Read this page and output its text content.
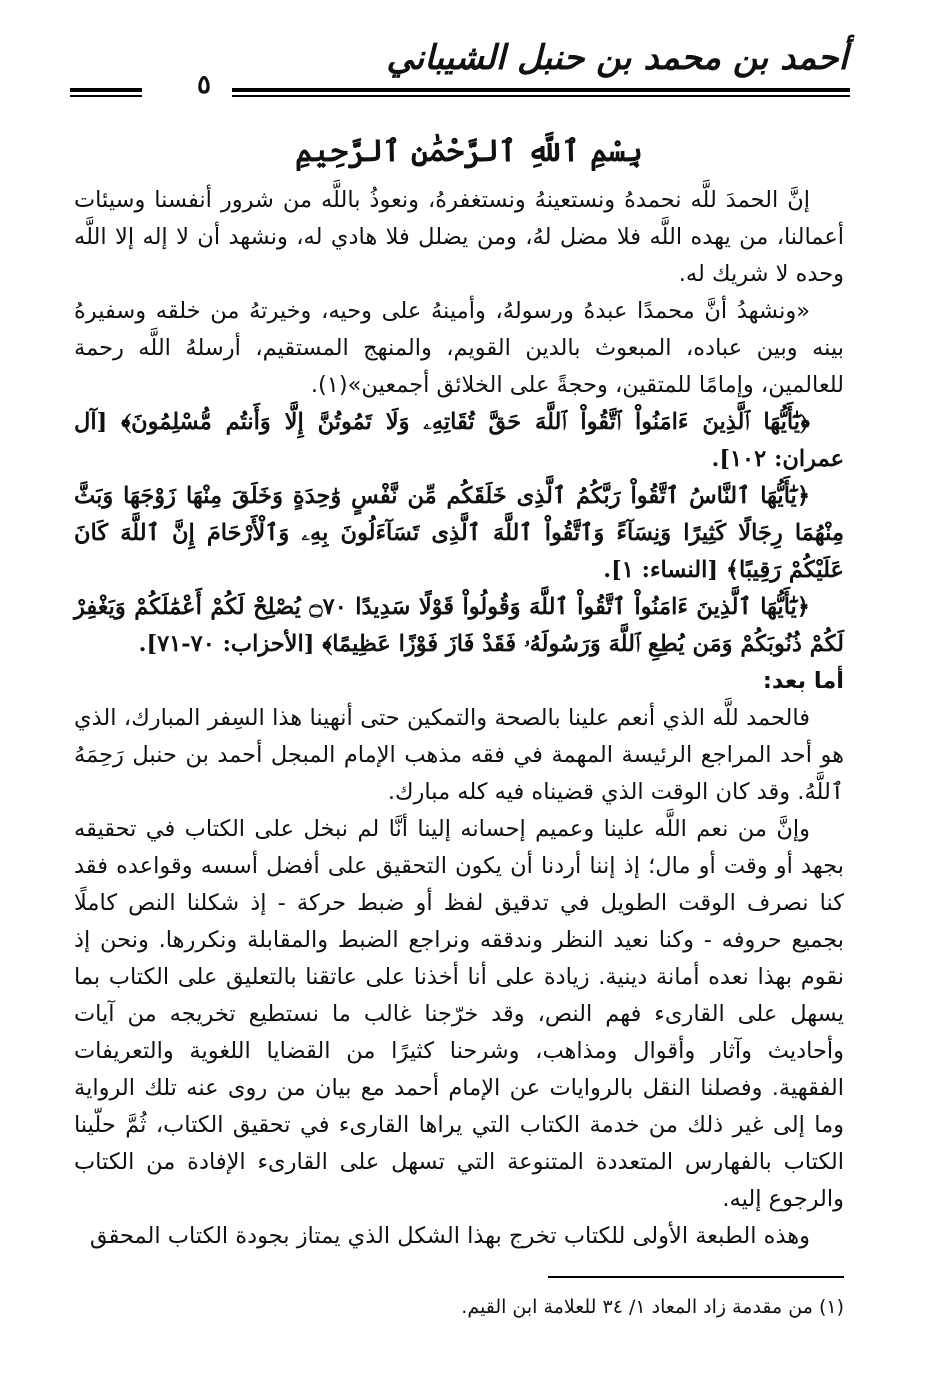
أحمد بن محمد بن حنبل الشيباني
٥
بِسْمِ ٱللَّهِ ٱلرَّحْمَٰنِ ٱلرَّحِيمِ

إنَّ الحمدَ للَّه نحمدهُ ونستعينهُ ونستغفرهُ، ونعوذُ باللَّه من شرور أنفسنا وسيئات أعمالنا، من يهده اللَّه فلا مضل لهُ، ومن يضلل فلا هادي له، ونشهد أن لا إله إلا اللَّه وحده لا شريك له.

«ونشهدُ أنَّ محمدًا عبدهُ ورسولهُ، وأمينهُ على وحيه، وخيرتهُ من خلقه وسفيرهُ بينه وبين عباده، المبعوث بالدين القويم، والمنهج المستقيم، أرسلهُ اللَّه رحمة للعالمين، وإمامًا للمتقين، وحجةً على الخلائق أجمعين»(١).

﴿يَٰٓأَيُّهَا ٱلَّذِينَ ءَامَنُواْ ٱتَّقُواْ ٱللَّهَ حَقَّ تُقَاتِهِۦ وَلَا تَمُوتُنَّ إِلَّا وَأَنتُم مُّسْلِمُونَ﴾ [آل عمران: ١٠٢].

﴿يَٰٓأَيُّهَا ٱلنَّاسُ ٱتَّقُواْ رَبَّكُمُ ٱلَّذِى خَلَقَكُم مِّن نَّفْسٍ وَٰحِدَةٍ وَخَلَقَ مِنْهَا زَوْجَهَا وَبَثَّ مِنْهُمَا رِجَالًا كَثِيرًا وَنِسَآءً وَٱتَّقُواْ ٱللَّهَ ٱلَّذِى تَسَآءَلُونَ بِهِۦ وَٱلْأَرْحَامَ إِنَّ ٱللَّهَ كَانَ عَلَيْكُمْ رَقِيبًا﴾ [النساء: ١].

﴿يَٰٓأَيُّهَا ٱلَّذِينَ ءَامَنُواْ ٱتَّقُواْ ٱللَّهَ وَقُولُواْ قَوْلًا سَدِيدًا ۝٧٠ يُصْلِحْ لَكُمْ أَعْمَٰلَكُمْ وَيَغْفِرْ لَكُمْ ذُنُوبَكُمْ وَمَن يُطِعِ ٱللَّهَ وَرَسُولَهُۥ فَقَدْ فَازَ فَوْزًا عَظِيمًا﴾ [الأحزاب: ٧٠-٧١].

أما بعد:

فالحمد للَّه الذي أنعم علينا بالصحة والتمكين حتى أنهينا هذا السِفر المبارك، الذي هو أحد المراجع الرئيسة المهمة في فقه مذهب الإمام المبجل أحمد بن حنبل رَحِمَهُ ٱللَّهُ. وقد كان الوقت الذي قضيناه فيه كله مبارك.

وإنَّ من نعم اللَّه علينا وعميم إحسانه إلينا أنَّا لم نبخل على الكتاب في تحقيقه بجهد أو وقت أو مال؛ إذ إننا أردنا أن يكون التحقيق على أفضل أسسه وقواعده فقد كنا نصرف الوقت الطويل في تدقيق لفظ أو ضبط حركة - إذ شكلنا النص كاملًا بجميع حروفه - وكنا نعيد النظر وندققه ونراجع الضبط والمقابلة ونكررها. ونحن إذ نقوم بهذا نعده أمانة دينية. زيادة على أنا أخذنا على عاتقنا بالتعليق على الكتاب بما يسهل على القارىء فهم النص، وقد خرّجنا غالب ما نستطيع تخريجه من آيات وأحاديث وآثار وأقوال ومذاهب، وشرحنا كثيرًا من القضايا اللغوية والتعريفات الفقهية. وفصلنا النقل بالروايات عن الإمام أحمد مع بيان من روى عنه تلك الرواية وما إلى غير ذلك من خدمة الكتاب التي يراها القارىء في تحقيق الكتاب، ثُمَّ حلّينا الكتاب بالفهارس المتعددة المتنوعة التي تسهل على القارىء الإفادة من الكتاب والرجوع إليه.

وهذه الطبعة الأولى للكتاب تخرج بهذا الشكل الذي يمتاز بجودة الكتاب المحقق

(١) من مقدمة زاد المعاد ١/ ٣٤ للعلامة ابن القيم.
